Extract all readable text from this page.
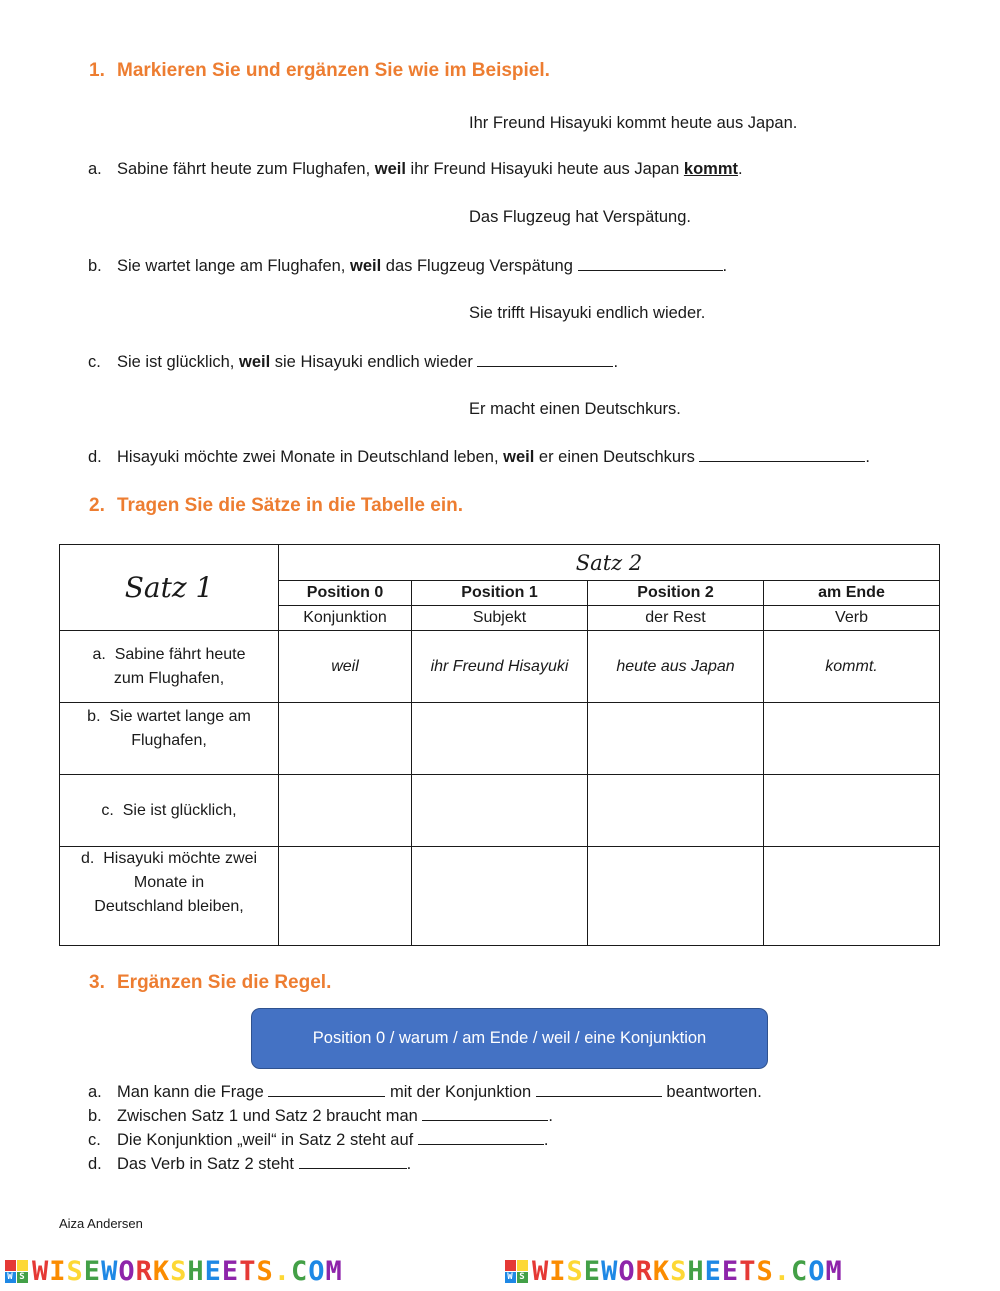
1. Markieren Sie und ergänzen Sie wie im Beispiel.
Ihr Freund Hisayuki kommt heute aus Japan.
a. Sabine fährt heute zum Flughafen, weil ihr Freund Hisayuki heute aus Japan kommt.
Das Flugzeug hat Verspätung.
b. Sie wartet lange am Flughafen, weil das Flugzeug Verspätung	.
Sie trifft Hisayuki endlich wieder.
c. Sie ist glücklich, weil sie Hisayuki endlich wieder	.
Er macht einen Deutschkurs.
d. Hisayuki möchte zwei Monate in Deutschland leben, weil er einen Deutschkurs	.
2. Tragen Sie die Sätze in die Tabelle ein.
Satz 1	Satz 2			
	Position 0	Position 1	Position 2	am Ende
	Konjunktion	Subjekt	der Rest	Verb
a. Sabine fährt heute
zum Flughafen,	weil	ihr Freund Hisayuki	heute aus Japan	kommt.
b. Sie wartet lange am
Flughafen,				
c. Sie ist glücklich,				
d. Hisayuki möchte zwei
Monate in
Deutschland bleiben,				
3. Ergänzen Sie die Regel.
Position 0 / warum / am Ende / weil / eine Konjunktion
a. Man kann die Frage	mit der Konjunktion	beantworten.
b. Zwischen Satz 1 und Satz 2 braucht man	.
c. Die Konjunktion „weil“ in Satz 2 steht auf	.
d. Das Verb in Satz 2 steht	.
Aiza Andersen
W S WISEWORKSHEETS.COM	W S WISEWORKSHEETS.COM
